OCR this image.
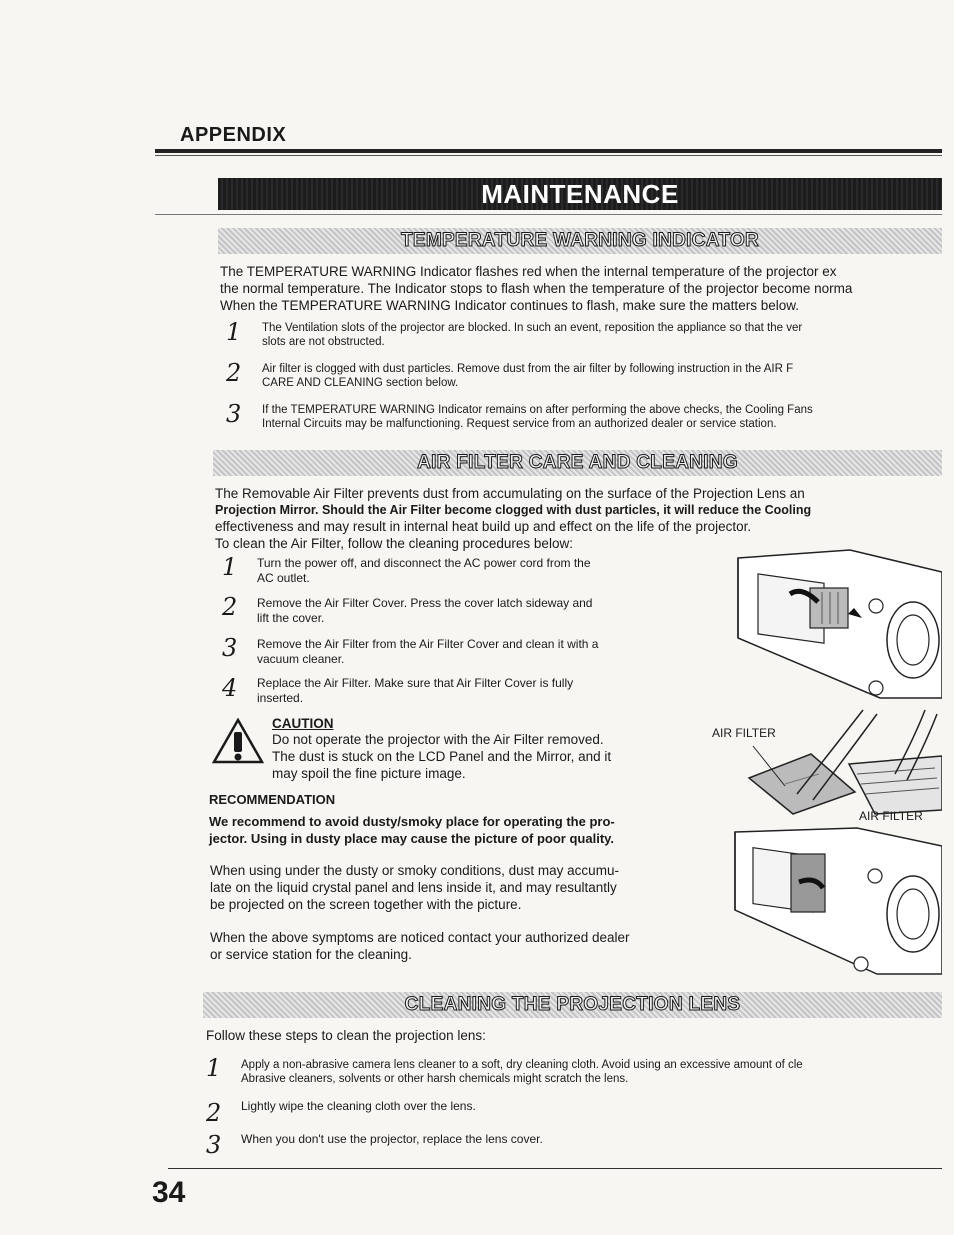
APPENDIX
MAINTENANCE
TEMPERATURE WARNING INDICATOR

The TEMPERATURE WARNING Indicator flashes red when the internal temperature of the projector ex

the normal temperature. The Indicator stops to flash when the temperature of the projector become norma

When the TEMPERATURE WARNING Indicator continues to flash, make sure the matters below.

1 The Ventilation slots of the projector are blocked. In such an event, reposition the appliance so that the ver
slots are not obstructed.
2 Air filter is clogged with dust particles. Remove dust from the air filter by following instruction in the AIR F
CARE AND CLEANING section below.
3 If the TEMPERATURE WARNING Indicator remains on after performing the above checks, the Cooling Fans
Internal Circuits may be malfunctioning. Request service from an authorized dealer or service station.
AIR FILTER CARE AND CLEANING

The Removable Air Filter prevents dust from accumulating on the surface of the Projection Lens an

Projection Mirror. Should the Air Filter become clogged with dust particles, it will reduce the Cooling

effectiveness and may result in internal heat build up and effect on the life of the projector.

To clean the Air Filter, follow the cleaning procedures below:

1 Turn the power off, and disconnect the AC power cord from the
AC outlet.
2 Remove the Air Filter Cover. Press the cover latch sideway and
lift the cover.
3 Remove the Air Filter from the Air Filter Cover and clean it with a
vacuum cleaner.
4 Replace the Air Filter. Make sure that Air Filter Cover is fully
inserted.
CAUTION
Do not operate the projector with the Air Filter removed.
The dust is stuck on the LCD Panel and the Mirror, and it
may spoil the fine picture image.
RECOMMENDATION
We recommend to avoid dusty/smoky place for operating the pro-
jector. Using in dusty place may cause the picture of poor quality.

When using under the dusty or smoky conditions, dust may accumu-

late on the liquid crystal panel and lens inside it, and may resultantly

be projected on the screen together with the picture.

When the above symptoms are noticed contact your authorized dealer

or service station for the cleaning.

AIR FILTER
AIR FILTER
CLEANING THE PROJECTION LENS
Follow these steps to clean the projection lens:
1 Apply a non-abrasive camera lens cleaner to a soft, dry cleaning cloth. Avoid using an excessive amount of cle
Abrasive cleaners, solvents or other harsh chemicals might scratch the lens.
2 Lightly wipe the cleaning cloth over the lens.
3 When you don't use the projector, replace the lens cover.
34
